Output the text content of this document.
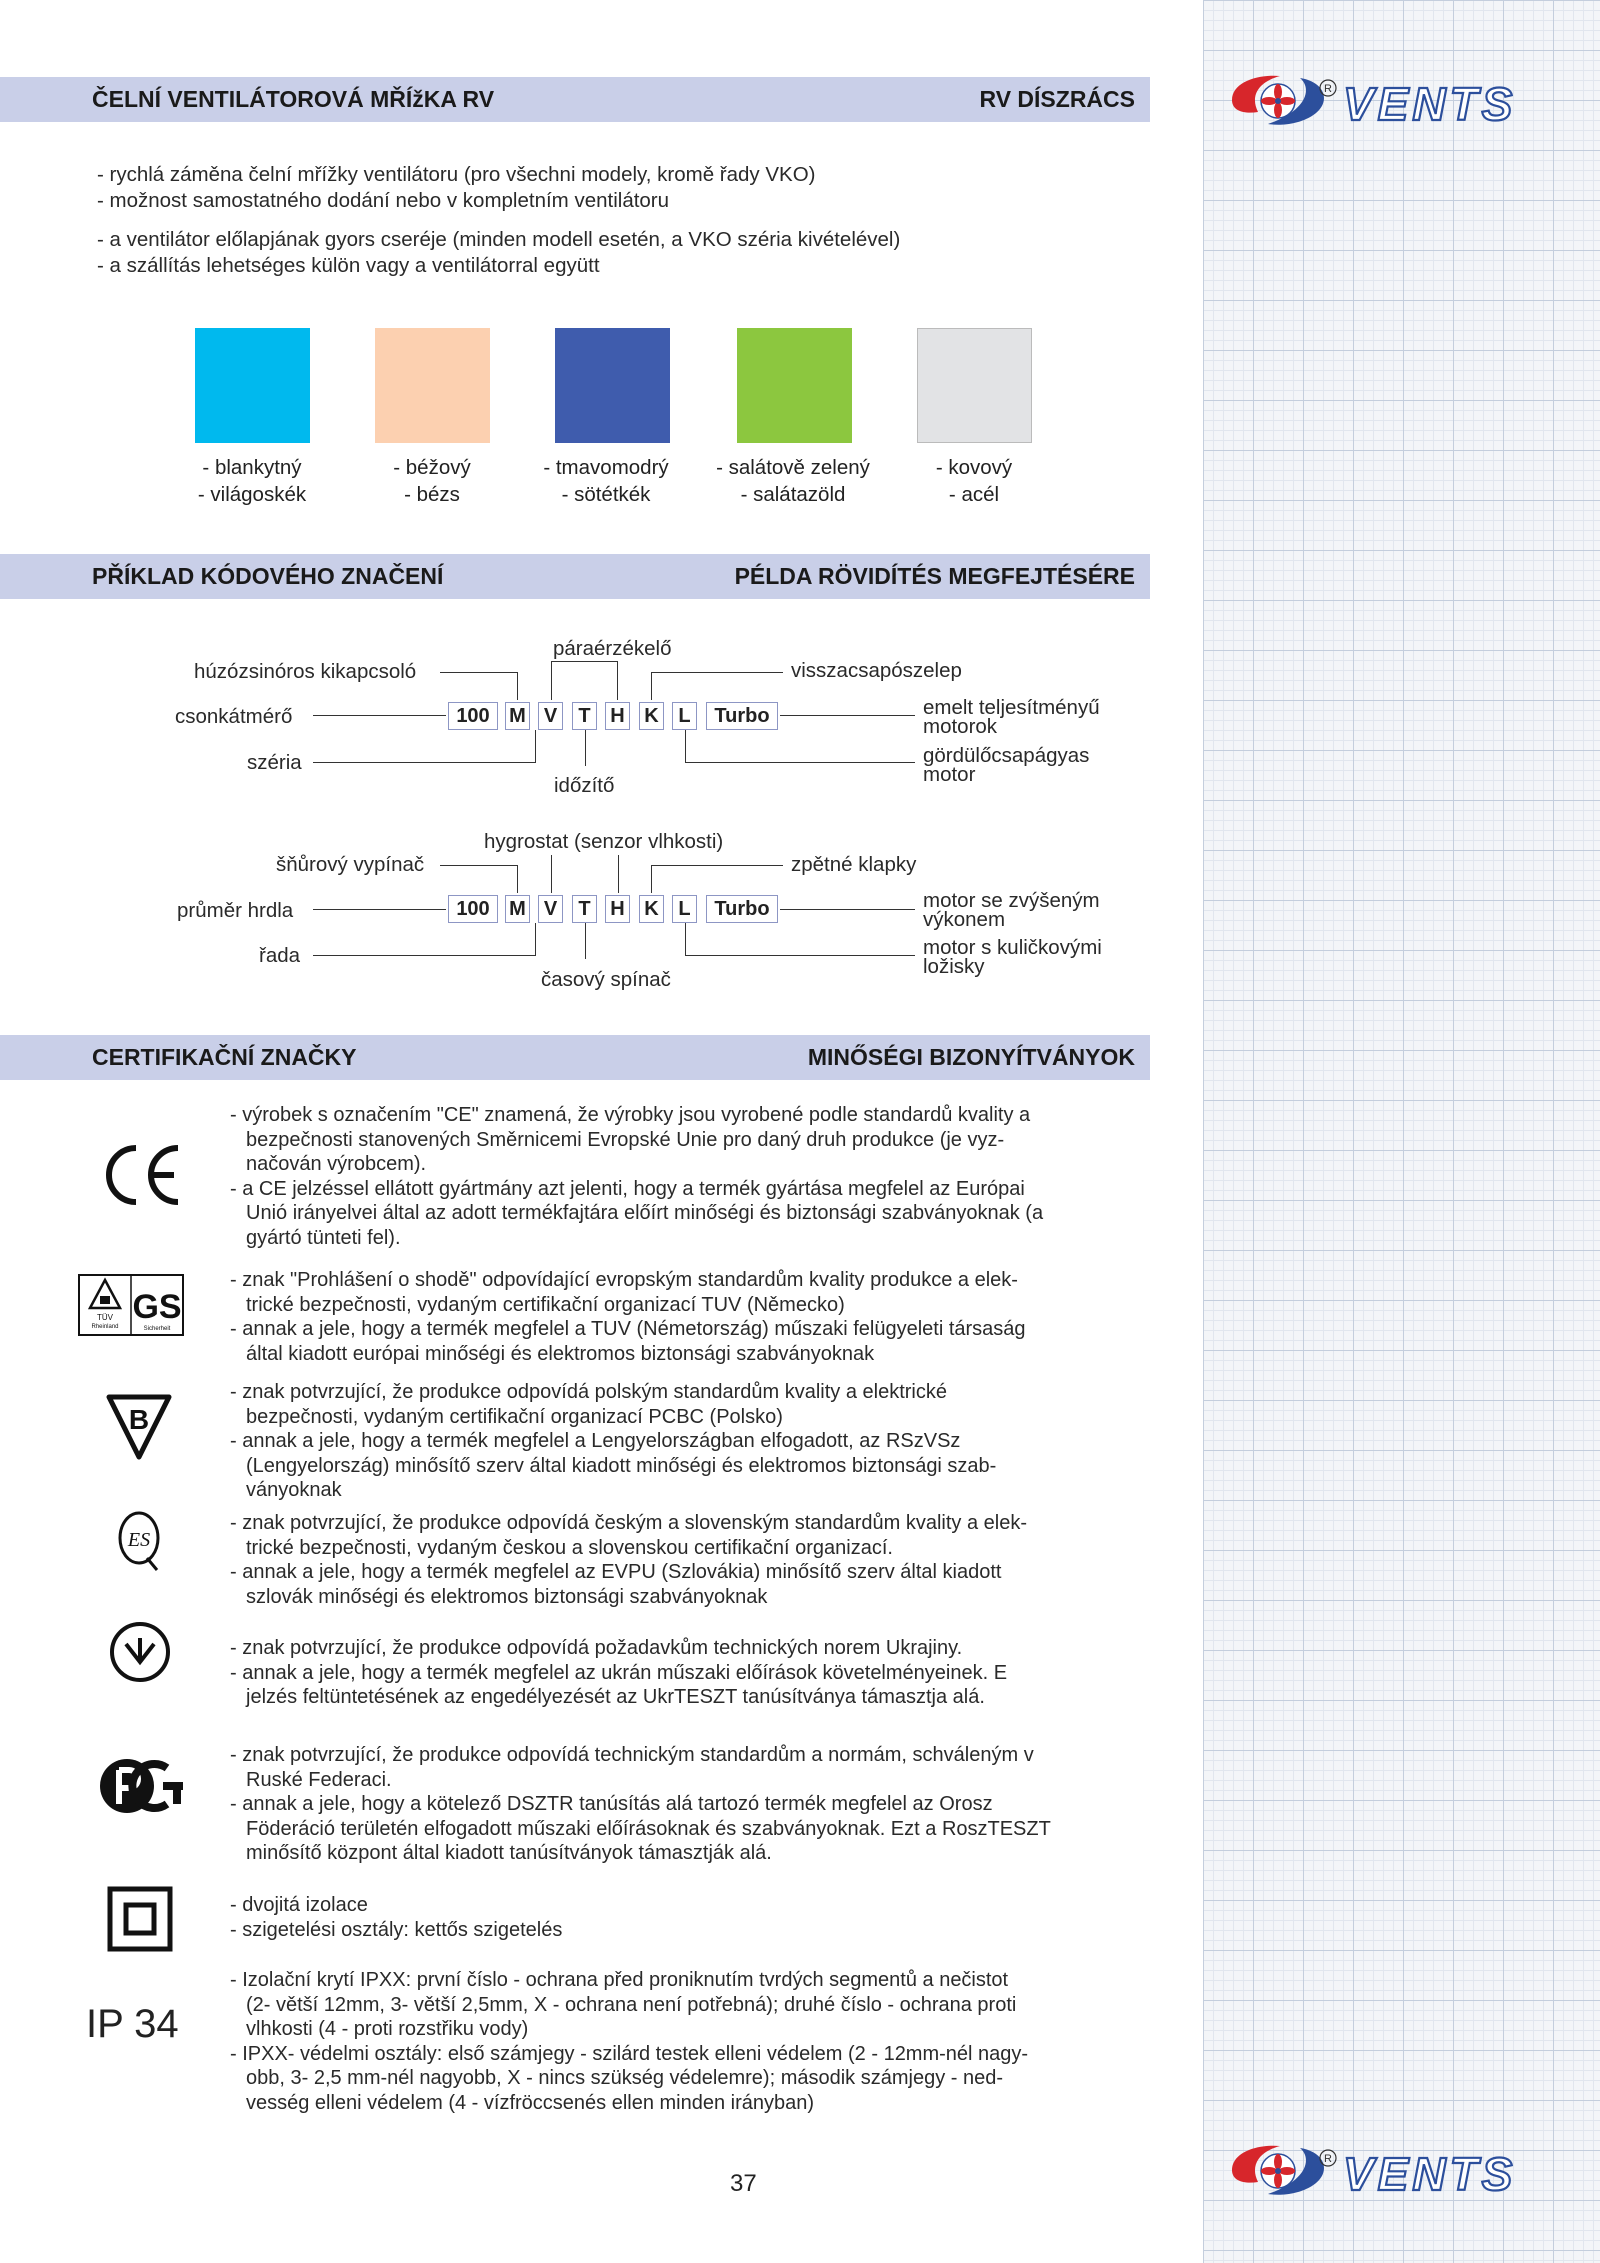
R VENTS
R VENTS
ČELNÍ VENTILÁTOROVÁ MŘÍžKA RV	RV DÍSZRÁCS
- rychlá záměna čelní mřížky ventilátoru (pro všechni modely, kromě řady VKO)
- možnost samostatného dodání nebo v kompletním ventilátoru
- a ventilátor előlapjának gyors cseréje (minden modell esetén, a VKO széria kivételével)
- a szállítás lehetséges külön vagy a ventilátorral együtt
- blankytný
- világoskék
- béžový
- bézs
- tmavomodrý
- sötétkék
- salátově zelený
- salátazöld
- kovový
- acél
PŘÍKLAD KÓDOVÉHO ZNAČENÍ	PÉLDA RÖVIDÍTÉS MEGFEJTÉSÉRE
100 M V	T H K L	Turbo
páraérzékelő
húzózsinóros kikapcsoló	visszacsapószelep
csonkátmérő
széria
időzítő
emelt teljesítményű
motorok
gördülőcsapágyas
motor
100 M V	T H K L	Turbo
hygrostat (senzor vlhkosti)
šňůrový vypínač	zpětné klapky
průměr hrdla
řada
časový spínač
motor se zvýšeným
výkonem
motor s kuličkovými
ložisky
CERTIFIKAČNÍ ZNAČKY	MINŐSÉGI BIZONYÍTVÁNYOK
TÜV
Rheinland
GS
Sicherheit
B
ES
IP 34

- výrobek s označením "CE" znamená, že výrobky jsou vyrobené podle standardů kvality a

bezpečnosti stanovených Směrnicemi Evropské Unie pro daný druh produkce (je vyz-

načován výrobcem).

- a CE jelzéssel ellátott gyártmány azt jelenti, hogy a termék gyártása megfelel az Európai

Unió irányelvei által az adott termékfajtára előírt minőségi és biztonsági szabványoknak (a

gyártó tünteti fel).

- znak "Prohlášení o shodě" odpovídající evropským standardům kvality produkce a elek-

trické bezpečnosti, vydaným certifikační organizací TUV (Německo)

- annak a jele, hogy a termék megfelel a TUV (Németország) műszaki felügyeleti társaság

által kiadott európai minőségi és elektromos biztonsági szabványoknak

- znak potvrzující, že produkce odpovídá polským standardům kvality a elektrické

bezpečnosti, vydaným certifikační organizací PCBC (Polsko)

- annak a jele, hogy a termék megfelel a Lengyelországban elfogadott, az RSzVSz

(Lengyelország) minősítő szerv által kiadott minőségi és elektromos biztonsági szab-

ványoknak

- znak potvrzující, že produkce odpovídá českým a slovenským standardům kvality a elek-

trické bezpečnosti, vydaným českou a slovenskou certifikační organizací.

- annak a jele, hogy a termék megfelel az EVPU (Szlovákia) minősítő szerv által kiadott

szlovák minőségi és elektromos biztonsági szabványoknak

- znak potvrzující, že produkce odpovídá požadavkům technických norem Ukrajiny.

- annak a jele, hogy a termék megfelel az ukrán műszaki előírások követelményeinek. E

jelzés feltüntetésének az engedélyezését az UkrTESZT tanúsítványa támasztja alá.

- znak potvrzující, že produkce odpovídá technickým standardům a normám, schváleným v

Ruské Federaci.

- annak a jele, hogy a kötelező DSZTR tanúsítás alá tartozó termék megfelel az Orosz

Föderáció területén elfogadott műszaki előírásoknak és szabványoknak. Ezt a RoszTESZT

minősítő központ által kiadott tanúsítványok támasztják alá.

- dvojitá izolace

- szigetelési osztály: kettős szigetelés

- Izolační krytí IPXX: první číslo - ochrana před proniknutím tvrdých segmentů a nečistot

(2- větší 12mm, 3- větší 2,5mm, X - ochrana není potřebná); druhé číslo - ochrana proti

vlhkosti (4 - proti rozstřiku vody)

- IPXX- védelmi osztály: első számjegy - szilárd testek elleni védelem (2 - 12mm-nél nagy-

obb, 3- 2,5 mm-nél nagyobb, X - nincs szükség védelemre); második számjegy - ned-

vesség elleni védelem (4 - vízfröccsenés ellen minden irányban)

37
